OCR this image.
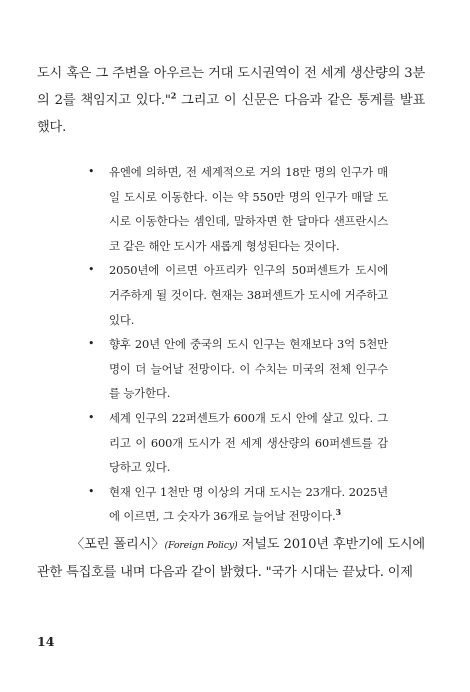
도시 혹은 그 주변을 아우르는 거대 도시권역이 전 세계 생산량의 3분의 2를 책임지고 있다."$^2$ 그리고 이 신문은 다음과 같은 통계를 발표했다.

• 유엔에 의하면, 전 세계적으로 거의 18만 명의 인구가 매일 도시로 이동한다. 이는 약 550만 명의 인구가 매달 도시로 이동한다는 셈인데, 말하자면 한 달마다 샌프란시스코 같은 해안 도시가 새롭게 형성된다는 것이다.
• 2050년에 이르면 아프리카 인구의 50퍼센트가 도시에 거주하게 될 것이다. 현재는 38퍼센트가 도시에 거주하고 있다.
• 향후 20년 안에 중국의 도시 인구는 현재보다 3억 5천만 명이 더 늘어날 전망이다. 이 수치는 미국의 전체 인구수를 능가한다.
• 세계 인구의 22퍼센트가 600개 도시 안에 살고 있다. 그리고 이 600개 도시가 전 세계 생산량의 60퍼센트를 감당하고 있다.
• 현재 인구 1천만 명 이상의 거대 도시는 23개다. 2025년에 이르면, 그 숫자가 36개로 늘어날 전망이다.$^3$

〈포린 폴리시〉(Foreign Policy) 저널도 2010년 후반기에 도시에 관한 특집호를 내며 다음과 같이 밝혔다. "국가 시대는 끝났다. 이제

14
